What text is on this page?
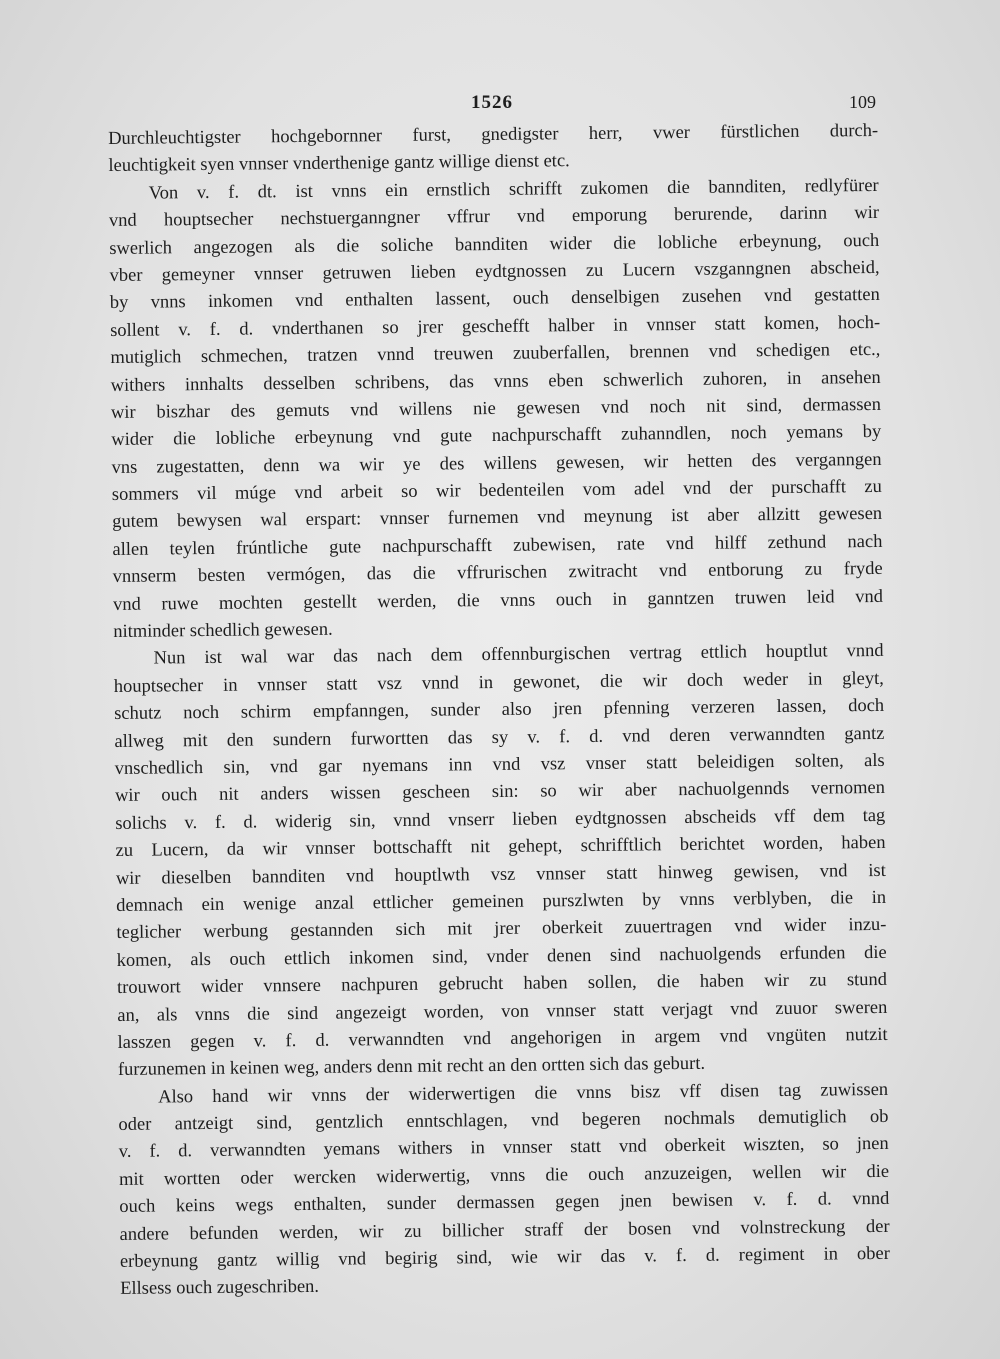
1526	109
Durchleuchtigster hochgebornner furst, gnedigster herr, vwer fürstlichen durch-
leuchtigkeit syen vnnser vnderthenige gantz willige dienst etc.
Von v. f. dt. ist vnns ein ernstlich schrifft zukomen die bannditen, redlyfürer
vnd houptsecher nechstuerganngner vffrur vnd emporung berurende, darinn wir
swerlich angezogen als die soliche bannditen wider die lobliche erbeynung, ouch
vber gemeyner vnnser getruwen lieben eydtgnossen zu Lucern vszganngnen abscheid,
by vnns inkomen vnd enthalten lassent, ouch denselbigen zusehen vnd gestatten
sollent v. f. d. vnderthanen so jrer geschefft halber in vnnser statt komen, hoch-
mutiglich schmechen, tratzen vnnd treuwen zuuberfallen, brennen vnd schedigen etc.,
withers innhalts desselben schribens, das vnns eben schwerlich zuhoren, in ansehen
wir biszhar des gemuts vnd willens nie gewesen vnd noch nit sind, dermassen
wider die lobliche erbeynung vnd gute nachpurschafft zuhanndlen, noch yemans by
vns zugestatten, denn wa wir ye des willens gewesen, wir hetten des verganngen
sommers vil múge vnd arbeit so wir bedenteilen vom adel vnd der purschafft zu
gutem bewysen wal erspart: vnnser furnemen vnd meynung ist aber allzitt gewesen
allen teylen frúntliche gute nachpurschafft zubewisen, rate vnd hilff zethund nach
vnnserm besten vermógen, das die vffrurischen zwitracht vnd entborung zu fryde
vnd ruwe mochten gestellt werden, die vnns ouch in ganntzen truwen leid vnd
nitminder schedlich gewesen.
Nun ist wal war das nach dem offennburgischen vertrag ettlich houptlut vnnd
houptsecher in vnnser statt vsz vnnd in gewonet, die wir doch weder in gleyt,
schutz noch schirm empfanngen, sunder also jren pfenning verzeren lassen, doch
allweg mit den sundern furwortten das sy v. f. d. vnd deren verwanndten gantz
vnschedlich sin, vnd gar nyemans inn vnd vsz vnser statt beleidigen solten, als
wir ouch nit anders wissen gescheen sin: so wir aber nachuolgennds vernomen
solichs v. f. d. widerig sin, vnnd vnserr lieben eydtgnossen abscheids vff dem tag
zu Lucern, da wir vnnser bottschafft nit gehept, schrifftlich berichtet worden, haben
wir dieselben bannditen vnd houptlwth vsz vnnser statt hinweg gewisen, vnd ist
demnach ein wenige anzal ettlicher gemeinen purszlwten by vnns verblyben, die in
teglicher werbung gestannden sich mit jrer oberkeit zuuertragen vnd wider inzu-
komen, als ouch ettlich inkomen sind, vnder denen sind nachuolgends erfunden die
trouwort wider vnnsere nachpuren gebrucht haben sollen, die haben wir zu stund
an, als vnns die sind angezeigt worden, von vnnser statt verjagt vnd zuuor sweren
lasszen gegen v. f. d. verwanndten vnd angehorigen in argem vnd vngüten nutzit
furzunemen in keinen weg, anders denn mit recht an den ortten sich das geburt.
Also hand wir vnns der widerwertigen die vnns bisz vff disen tag zuwissen
oder antzeigt sind, gentzlich enntschlagen, vnd begeren nochmals demutiglich ob
v. f. d. verwanndten yemans withers in vnnser statt vnd oberkeit wiszten, so jnen
mit wortten oder wercken widerwertig, vnns die ouch anzuzeigen, wellen wir die
ouch keins wegs enthalten, sunder dermassen gegen jnen bewisen v. f. d. vnnd
andere befunden werden, wir zu billicher straff der bosen vnd volnstreckung der
erbeynung gantz willig vnd begirig sind, wie wir das v. f. d. regiment in ober
Ellsess ouch zugeschriben.
